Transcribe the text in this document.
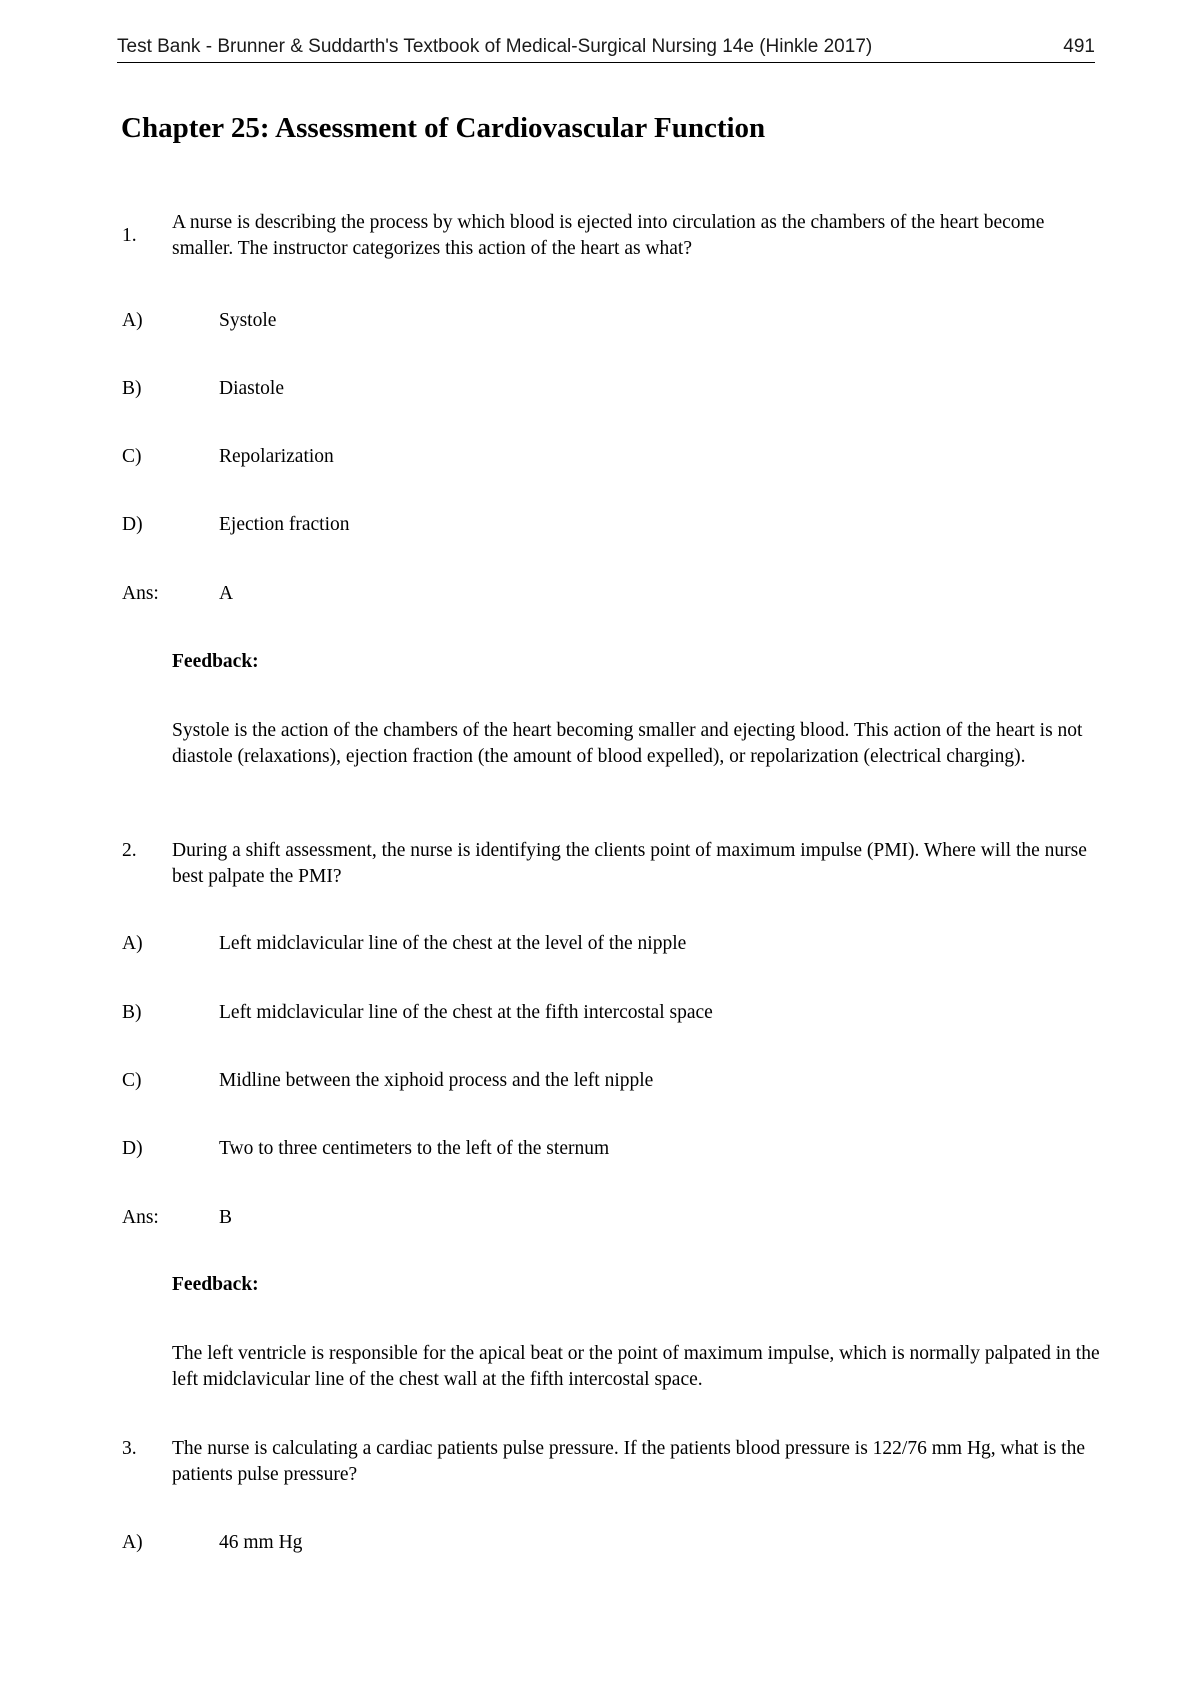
Test Bank - Brunner & Suddarth's Textbook of Medical-Surgical Nursing 14e (Hinkle 2017)	491
Chapter 25: Assessment of Cardiovascular Function
1.
A nurse is describing the process by which blood is ejected into circulation as the chambers of the heart become smaller. The instructor categorizes this action of the heart as what?
A)	Systole
B)	Diastole
C)	Repolarization
D)	Ejection fraction
Ans:	A
Feedback:
Systole is the action of the chambers of the heart becoming smaller and ejecting blood. This action of the heart is not diastole (relaxations), ejection fraction (the amount of blood expelled), or repolarization (electrical charging).
2. During a shift assessment, the nurse is identifying the clients point of maximum impulse (PMI). Where will the nurse best palpate the PMI?
A)	Left midclavicular line of the chest at the level of the nipple
B)	Left midclavicular line of the chest at the fifth intercostal space
C)	Midline between the xiphoid process and the left nipple
D)	Two to three centimeters to the left of the sternum
Ans:	B
Feedback:
The left ventricle is responsible for the apical beat or the point of maximum impulse, which is normally palpated in the left midclavicular line of the chest wall at the fifth intercostal space.
3. The nurse is calculating a cardiac patients pulse pressure. If the patients blood pressure is 122/76 mm Hg, what is the patients pulse pressure?
A)	46 mm Hg
